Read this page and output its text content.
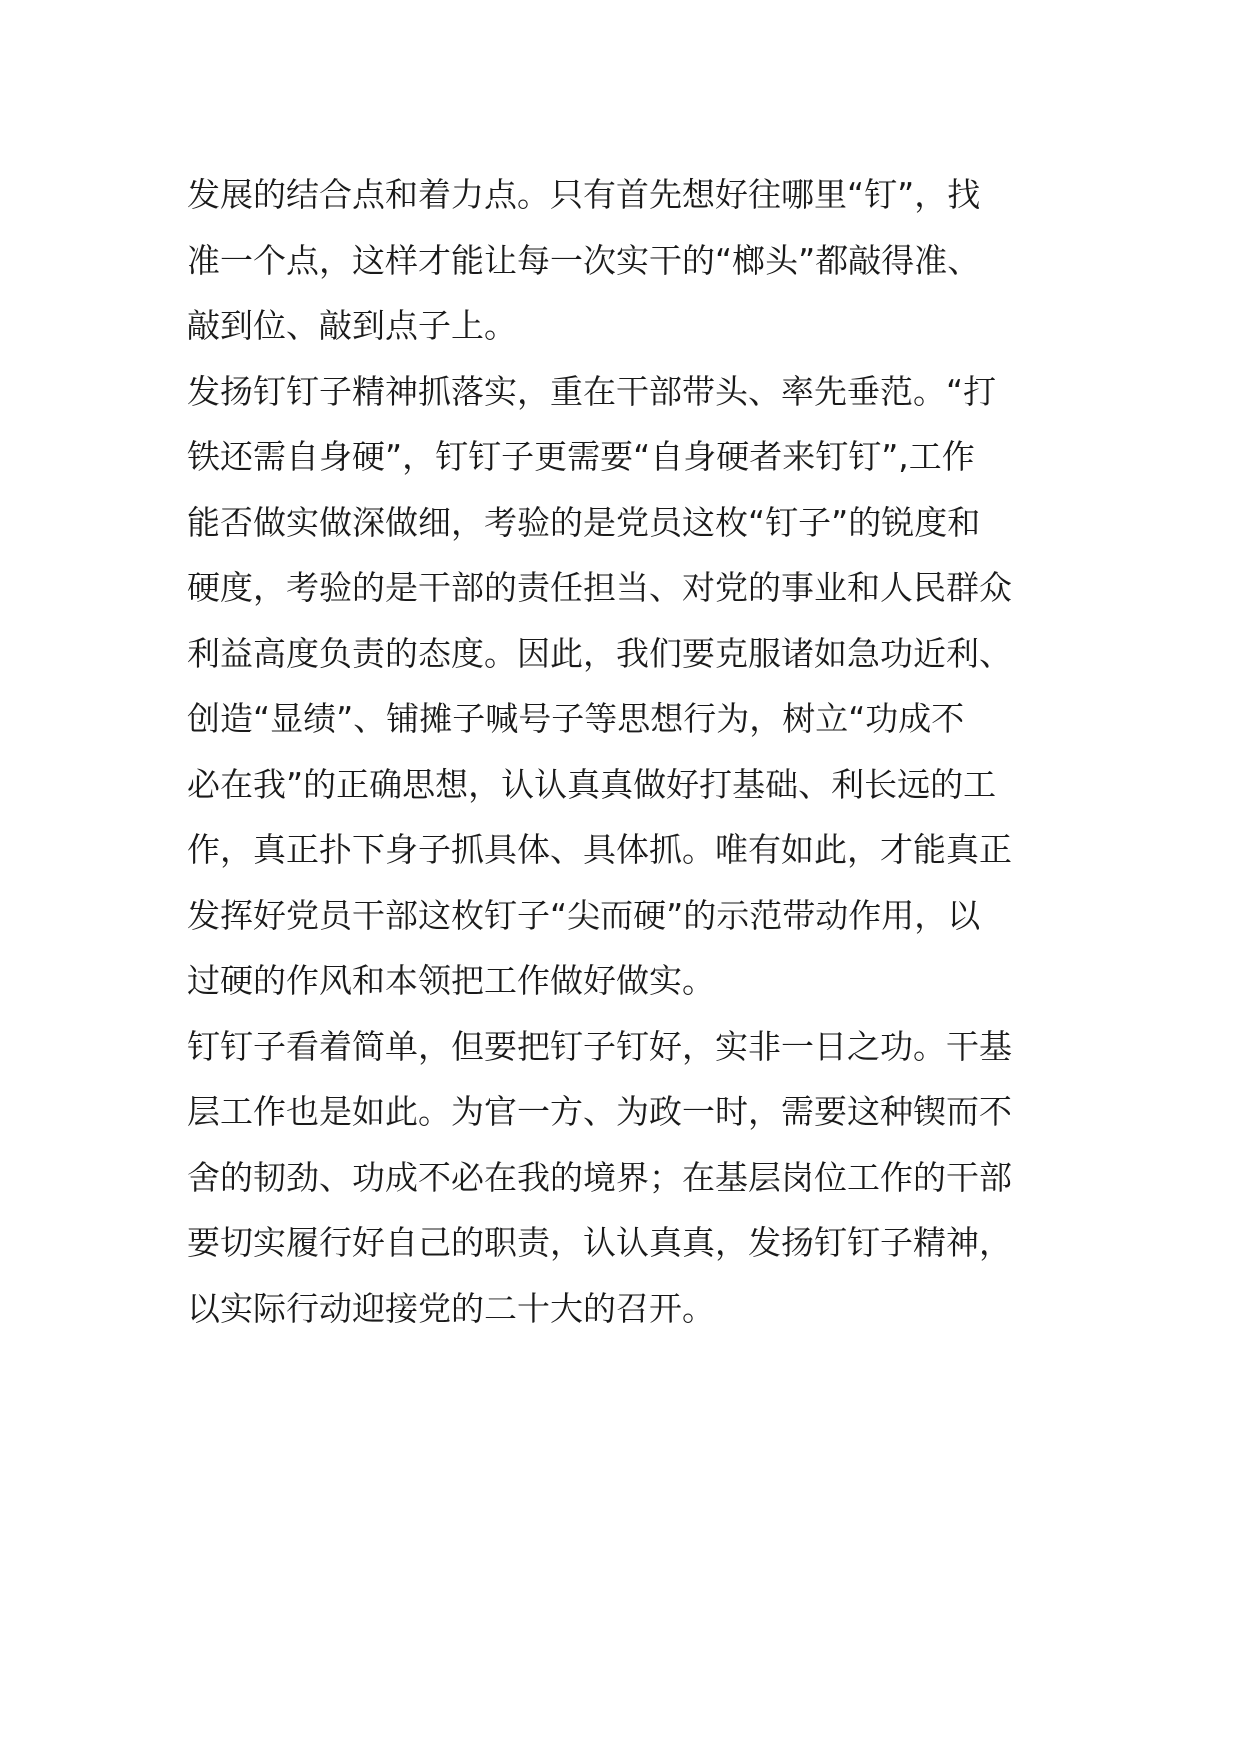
发展的结合点和着力点。只有首先想好往哪里“钉”，找
准一个点，这样才能让每一次实干的“榔头”都敲得准、
敲到位、敲到点子上。
发扬钉钉子精神抓落实，重在干部带头、率先垂范。“打
铁还需自身硬”，钉钉子更需要“自身硬者来钉钉”,工作
能否做实做深做细，考验的是党员这枚“钉子”的锐度和
硬度，考验的是干部的责任担当、对党的事业和人民群众
利益高度负责的态度。因此，我们要克服诸如急功近利、
创造“显绩”、铺摊子喊号子等思想行为，树立“功成不
必在我”的正确思想，认认真真做好打基础、利长远的工
作，真正扑下身子抓具体、具体抓。唯有如此，才能真正
发挥好党员干部这枚钉子“尖而硬”的示范带动作用，以
过硬的作风和本领把工作做好做实。
钉钉子看着简单，但要把钉子钉好，实非一日之功。干基
层工作也是如此。为官一方、为政一时，需要这种锲而不
舍的韧劲、功成不必在我的境界；在基层岗位工作的干部
要切实履行好自己的职责，认认真真，发扬钉钉子精神，
以实际行动迎接党的二十大的召开。
